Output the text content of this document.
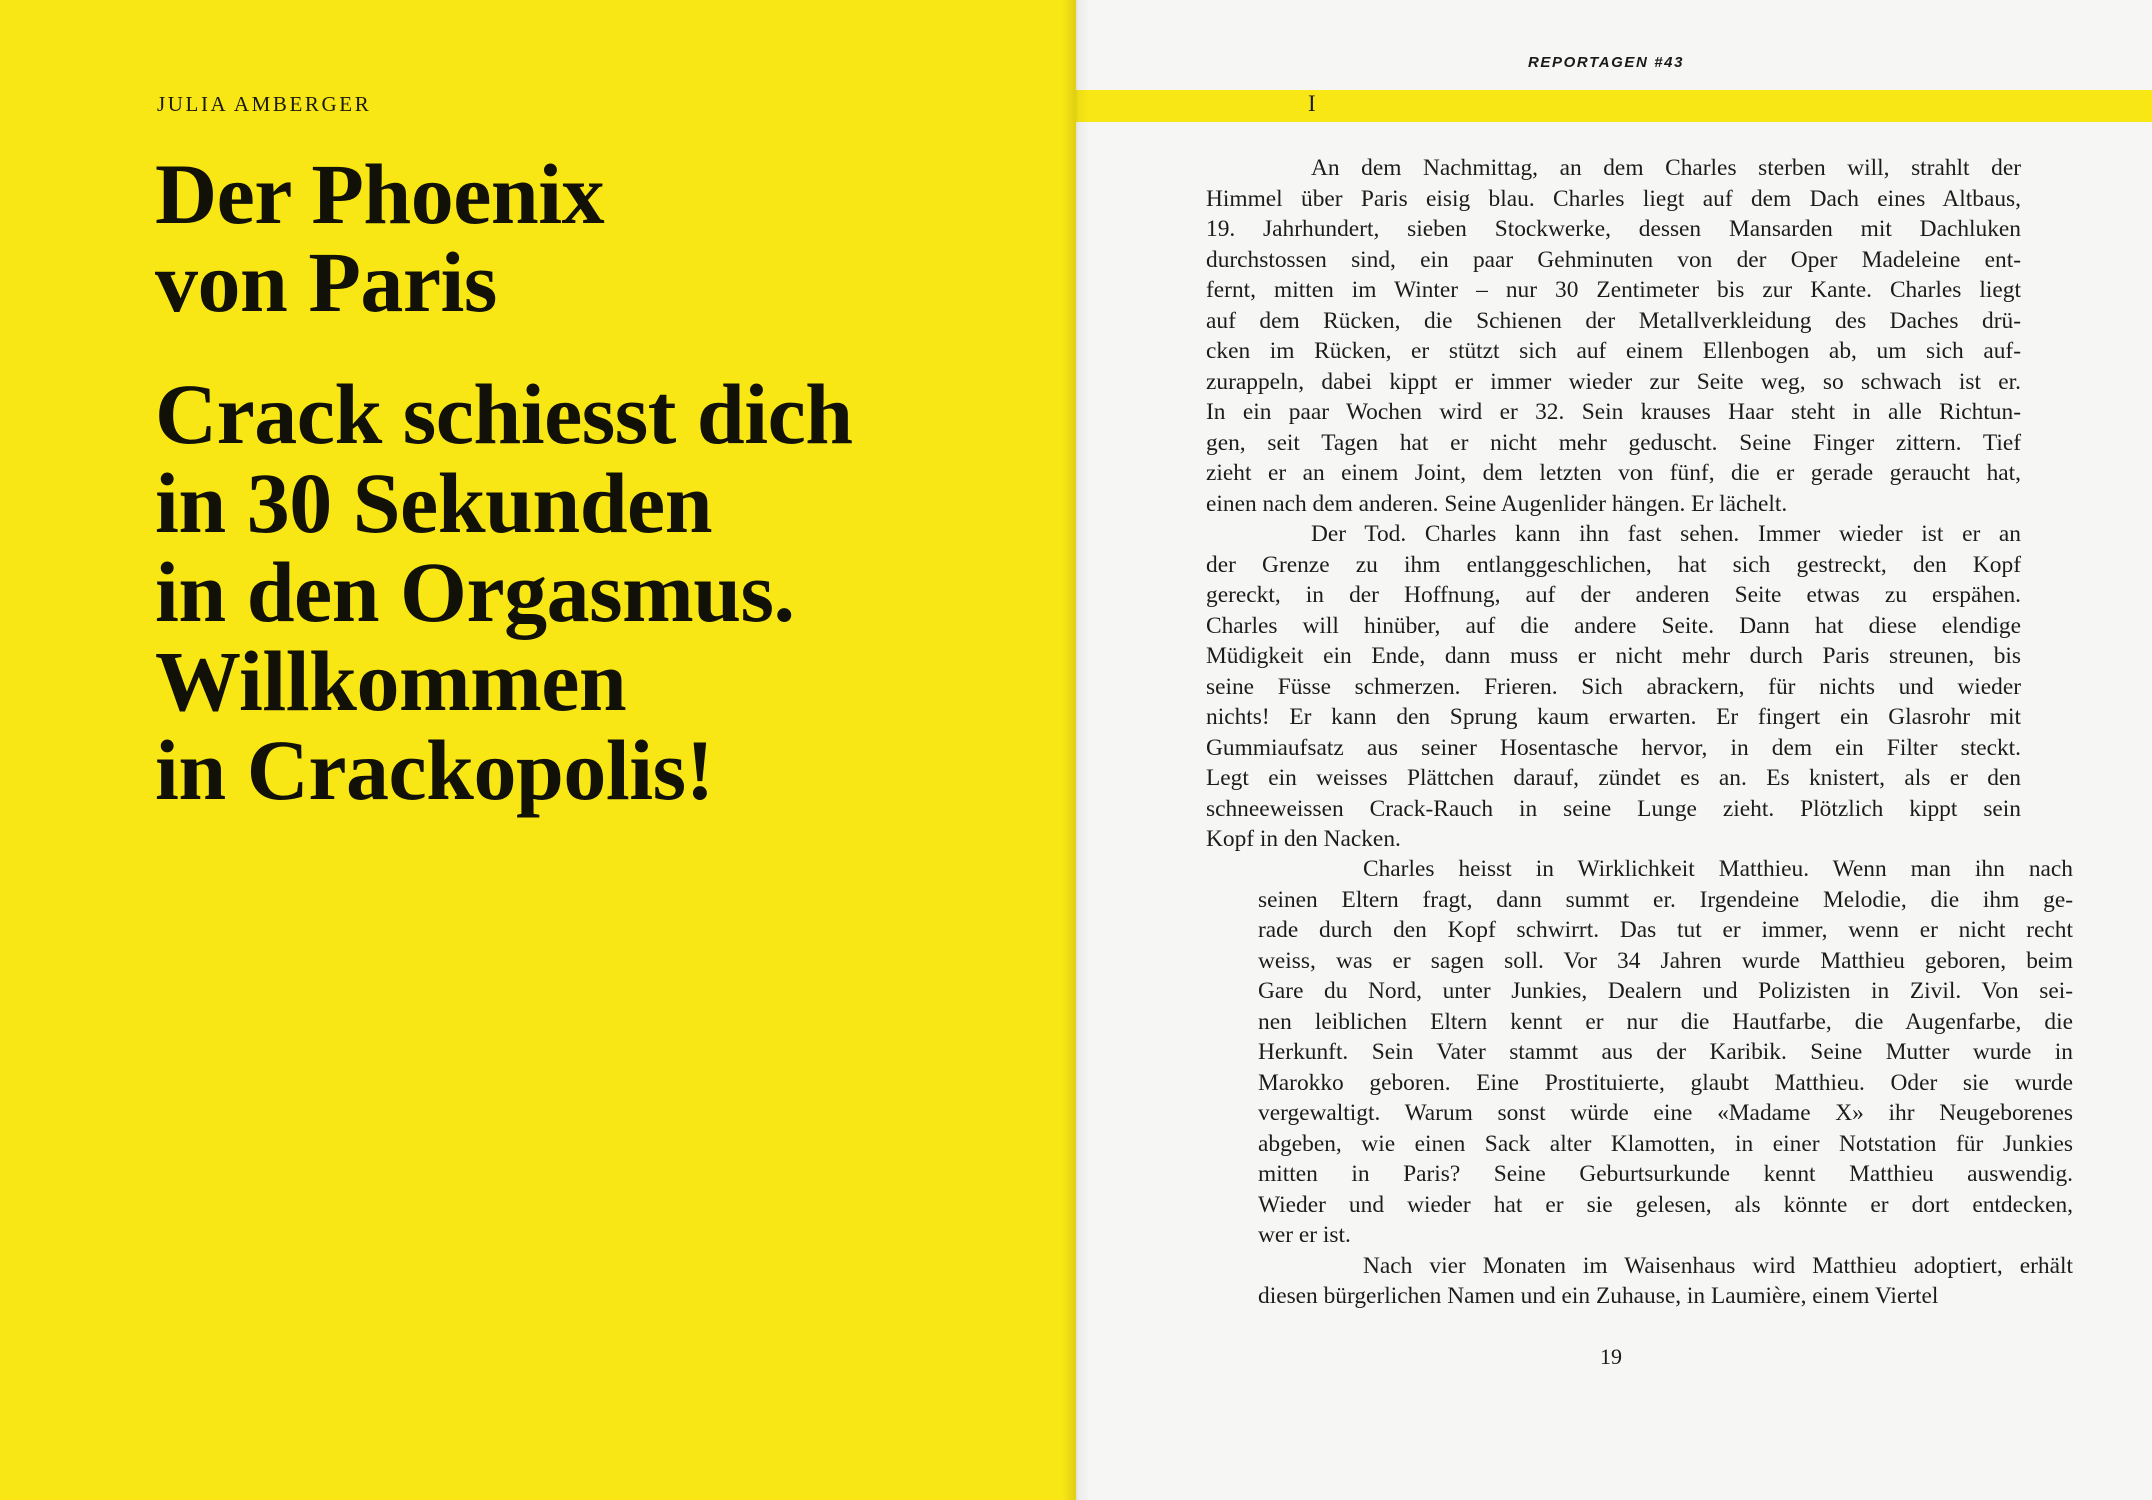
JULIA AMBERGER
Der Phoenix
von Paris
Crack schiesst dich
in 30 Sekunden
in den Orgasmus.
Willkommen
in Crackopolis!
REPORTAGEN #43
I
An dem Nachmittag, an dem Charles sterben will, strahlt der
Himmel über Paris eisig blau. Charles liegt auf dem Dach eines Altbaus,
19. Jahrhundert, sieben Stockwerke, dessen Mansarden mit Dachluken
durchstossen sind, ein paar Gehminuten von der Oper Madeleine ent-
fernt, mitten im Winter – nur 30 Zentimeter bis zur Kante. Charles liegt
auf dem Rücken, die Schienen der Metallverkleidung des Daches drü-
cken im Rücken, er stützt sich auf einem Ellenbogen ab, um sich auf-
zurappeln, dabei kippt er immer wieder zur Seite weg, so schwach ist er.
In ein paar Wochen wird er 32. Sein krauses Haar steht in alle Richtun-
gen, seit Tagen hat er nicht mehr geduscht. Seine Finger zittern. Tief
zieht er an einem Joint, dem letzten von fünf, die er gerade geraucht hat,
einen nach dem anderen. Seine Augenlider hängen. Er lächelt.
Der Tod. Charles kann ihn fast sehen. Immer wieder ist er an
der Grenze zu ihm entlanggeschlichen, hat sich gestreckt, den Kopf
gereckt, in der Hoffnung, auf der anderen Seite etwas zu erspähen.
Charles will hinüber, auf die andere Seite. Dann hat diese elendige
Müdigkeit ein Ende, dann muss er nicht mehr durch Paris streunen, bis
seine Füsse schmerzen. Frieren. Sich abrackern, für nichts und wieder
nichts! Er kann den Sprung kaum erwarten. Er fingert ein Glasrohr mit
Gummiaufsatz aus seiner Hosentasche hervor, in dem ein Filter steckt.
Legt ein weisses Plättchen darauf, zündet es an. Es knistert, als er den
schneeweissen Crack-Rauch in seine Lunge zieht. Plötzlich kippt sein
Kopf in den Nacken.
Charles heisst in Wirklichkeit Matthieu. Wenn man ihn nach
seinen Eltern fragt, dann summt er. Irgendeine Melodie, die ihm ge-
rade durch den Kopf schwirrt. Das tut er immer, wenn er nicht recht
weiss, was er sagen soll. Vor 34 Jahren wurde Matthieu geboren, beim
Gare du Nord, unter Junkies, Dealern und Polizisten in Zivil. Von sei-
nen leiblichen Eltern kennt er nur die Hautfarbe, die Augenfarbe, die
Herkunft. Sein Vater stammt aus der Karibik. Seine Mutter wurde in
Marokko geboren. Eine Prostituierte, glaubt Matthieu. Oder sie wurde
vergewaltigt. Warum sonst würde eine «Madame X» ihr Neugeborenes
abgeben, wie einen Sack alter Klamotten, in einer Notstation für Junkies
mitten in Paris? Seine Geburtsurkunde kennt Matthieu auswendig.
Wieder und wieder hat er sie gelesen, als könnte er dort entdecken,
wer er ist.
Nach vier Monaten im Waisenhaus wird Matthieu adoptiert, erhält
diesen bürgerlichen Namen und ein Zuhause, in Laumière, einem Viertel
19
